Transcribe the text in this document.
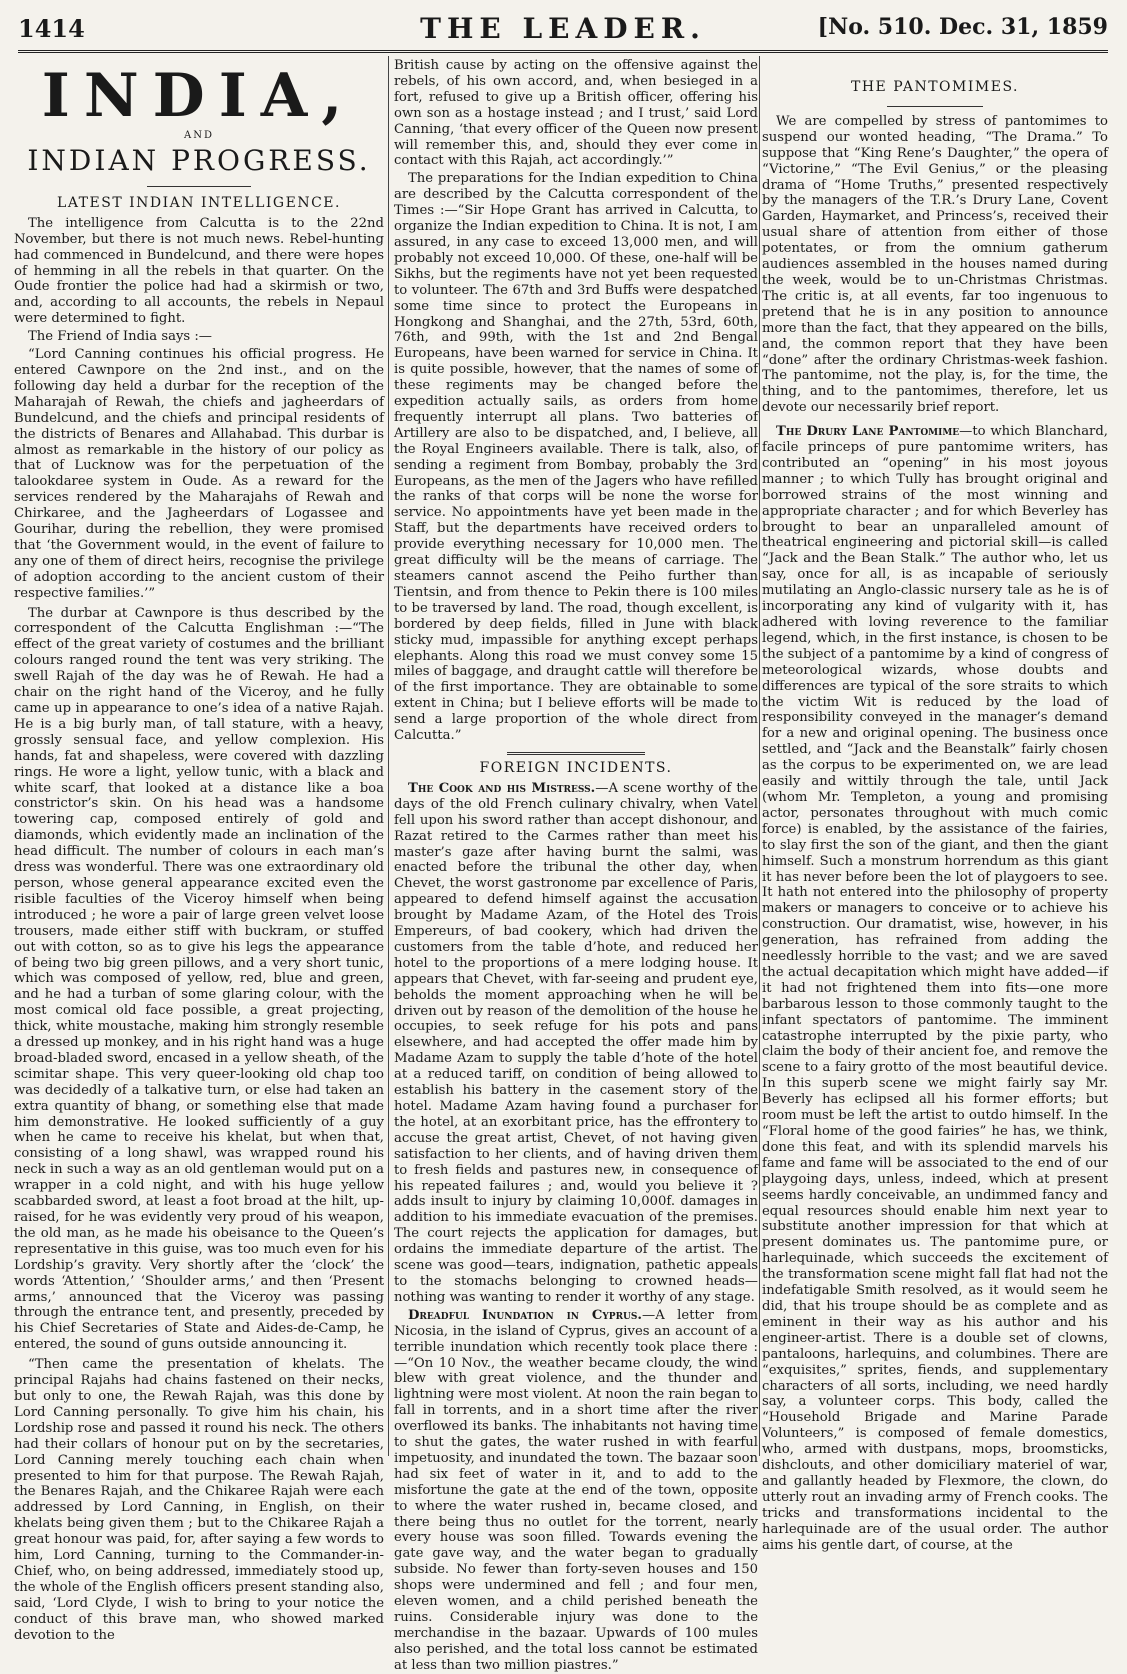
1414	THE LEADER.	[No. 510. Dec. 31, 1859
INDIA,
AND
INDIAN PROGRESS.
LATEST INDIAN INTELLIGENCE.

The intelligence from Calcutta is to the 22nd November, but there is not much news. Rebel-hunting had commenced in Bundelcund, and there were hopes of hemming in all the rebels in that quarter. On the Oude frontier the police had had a skirmish or two, and, according to all accounts, the rebels in Nepaul were determined to fight.

The Friend of India says :—

“Lord Canning continues his official progress. He entered Cawnpore on the 2nd inst., and on the following day held a durbar for the reception of the Maharajah of Rewah, the chiefs and jagheerdars of Bundelcund, and the chiefs and principal residents of the districts of Benares and Allahabad. This durbar is almost as remarkable in the history of our policy as that of Lucknow was for the perpetuation of the talookdaree system in Oude. As a reward for the services rendered by the Maharajahs of Rewah and Chirkaree, and the Jagheerdars of Logassee and Gourihar, during the rebellion, they were promised that ‘the Government would, in the event of failure to any one of them of direct heirs, recognise the privilege of adoption according to the ancient custom of their respective families.’”

The durbar at Cawnpore is thus described by the correspondent of the Calcutta Englishman :—“The effect of the great variety of costumes and the brilliant colours ranged round the tent was very striking. The swell Rajah of the day was he of Rewah. He had a chair on the right hand of the Viceroy, and he fully came up in appearance to one’s idea of a native Rajah. He is a big burly man, of tall stature, with a heavy, grossly sensual face, and yellow complexion. His hands, fat and shapeless, were covered with dazzling rings. He wore a light, yellow tunic, with a black and white scarf, that looked at a distance like a boa constrictor’s skin. On his head was a handsome towering cap, composed entirely of gold and diamonds, which evidently made an inclination of the head difficult. The number of colours in each man’s dress was wonderful. There was one extraordinary old person, whose general appearance excited even the risible faculties of the Viceroy himself when being introduced ; he wore a pair of large green velvet loose trousers, made either stiff with buckram, or stuffed out with cotton, so as to give his legs the appearance of being two big green pillows, and a very short tunic, which was composed of yellow, red, blue and green, and he had a turban of some glaring colour, with the most comical old face possible, a great projecting, thick, white moustache, making him strongly resemble a dressed up monkey, and in his right hand was a huge broad-bladed sword, encased in a yellow sheath, of the scimitar shape. This very queer-looking old chap too was decidedly of a talkative turn, or else had taken an extra quantity of bhang, or something else that made him demonstrative. He looked sufficiently of a guy when he came to receive his khelat, but when that, consisting of a long shawl, was wrapped round his neck in such a way as an old gentleman would put on a wrapper in a cold night, and with his huge yellow scabbarded sword, at least a foot broad at the hilt, up-raised, for he was evidently very proud of his weapon, the old man, as he made his obeisance to the Queen’s representative in this guise, was too much even for his Lordship’s gravity. Very shortly after the ‘clock’ the words ‘Attention,’ ‘Shoulder arms,’ and then ‘Present arms,’ announced that the Viceroy was passing through the entrance tent, and presently, preceded by his Chief Secretaries of State and Aides-de-Camp, he entered, the sound of guns outside announcing it.

“Then came the presentation of khelats. The principal Rajahs had chains fastened on their necks, but only to one, the Rewah Rajah, was this done by Lord Canning personally. To give him his chain, his Lordship rose and passed it round his neck. The others had their collars of honour put on by the secretaries, Lord Canning merely touching each chain when presented to him for that purpose. The Rewah Rajah, the Benares Rajah, and the Chikaree Rajah were each addressed by Lord Canning, in English, on their khelats being given them ; but to the Chikaree Rajah a great honour was paid, for, after saying a few words to him, Lord Canning, turning to the Commander-in-Chief, who, on being addressed, immediately stood up, the whole of the English officers present standing also, said, ‘Lord Clyde, I wish to bring to your notice the conduct of this brave man, who showed marked devotion to the

British cause by acting on the offensive against the rebels, of his own accord, and, when besieged in a fort, refused to give up a British officer, offering his own son as a hostage instead ; and I trust,’ said Lord Canning, ‘that every officer of the Queen now present will remember this, and, should they ever come in contact with this Rajah, act accordingly.’”

The preparations for the Indian expedition to China are described by the Calcutta correspondent of the Times :—“Sir Hope Grant has arrived in Calcutta, to organize the Indian expedition to China. It is not, I am assured, in any case to exceed 13,000 men, and will probably not exceed 10,000. Of these, one-half will be Sikhs, but the regiments have not yet been requested to volunteer. The 67th and 3rd Buffs were despatched some time since to protect the Europeans in Hongkong and Shanghai, and the 27th, 53rd, 60th, 76th, and 99th, with the 1st and 2nd Bengal Europeans, have been warned for service in China. It is quite possible, however, that the names of some of these regiments may be changed before the expedition actually sails, as orders from home frequently interrupt all plans. Two batteries of Artillery are also to be dispatched, and, I believe, all the Royal Engineers available. There is talk, also, of sending a regiment from Bombay, probably the 3rd Europeans, as the men of the Jagers who have refilled the ranks of that corps will be none the worse for service. No appointments have yet been made in the Staff, but the departments have received orders to provide everything necessary for 10,000 men. The great difficulty will be the means of carriage. The steamers cannot ascend the Peiho further than Tientsin, and from thence to Pekin there is 100 miles to be traversed by land. The road, though excellent, is bordered by deep fields, filled in June with black sticky mud, impassible for anything except perhaps elephants. Along this road we must convey some 15 miles of baggage, and draught cattle will therefore be of the first importance. They are obtainable to some extent in China; but I believe efforts will be made to send a large proportion of the whole direct from Calcutta.”

FOREIGN INCIDENTS.

The Cook and his Mistress.—A scene worthy of the days of the old French culinary chivalry, when Vatel fell upon his sword rather than accept dishonour, and Razat retired to the Carmes rather than meet his master’s gaze after having burnt the salmi, was enacted before the tribunal the other day, when Chevet, the worst gastronome par excellence of Paris, appeared to defend himself against the accusation brought by Madame Azam, of the Hotel des Trois Empereurs, of bad cookery, which had driven the customers from the table d’hote, and reduced her hotel to the proportions of a mere lodging house. It appears that Chevet, with far-seeing and prudent eye, beholds the moment approaching when he will be driven out by reason of the demolition of the house he occupies, to seek refuge for his pots and pans elsewhere, and had accepted the offer made him by Madame Azam to supply the table d’hote of the hotel at a reduced tariff, on condition of being allowed to establish his battery in the casement story of the hotel. Madame Azam having found a purchaser for the hotel, at an exorbitant price, has the effrontery to accuse the great artist, Chevet, of not having given satisfaction to her clients, and of having driven them to fresh fields and pastures new, in consequence of his repeated failures ; and, would you believe it ? adds insult to injury by claiming 10,000f. damages in addition to his immediate evacuation of the premises. The court rejects the application for damages, but ordains the immediate departure of the artist. The scene was good—tears, indignation, pathetic appeals to the stomachs belonging to crowned heads—nothing was wanting to render it worthy of any stage.

Dreadful Inundation in Cyprus.—A letter from Nicosia, in the island of Cyprus, gives an account of a terrible inundation which recently took place there :—“On 10 Nov., the weather became cloudy, the wind blew with great violence, and the thunder and lightning were most violent. At noon the rain began to fall in torrents, and in a short time after the river overflowed its banks. The inhabitants not having time to shut the gates, the water rushed in with fearful impetuosity, and inundated the town. The bazaar soon had six feet of water in it, and to add to the misfortune the gate at the end of the town, opposite to where the water rushed in, became closed, and there being thus no outlet for the torrent, nearly every house was soon filled. Towards evening the gate gave way, and the water began to gradually subside. No fewer than forty-seven houses and 150 shops were undermined and fell ; and four men, eleven women, and a child perished beneath the ruins. Considerable injury was done to the merchandise in the bazaar. Upwards of 100 mules also perished, and the total loss cannot be estimated at less than two million piastres.”

THE PANTOMIMES.

We are compelled by stress of pantomimes to suspend our wonted heading, “The Drama.” To suppose that “King Rene’s Daughter,” the opera of “Victorine,” “The Evil Genius,” or the pleasing drama of “Home Truths,” presented respectively by the managers of the T.R.’s Drury Lane, Covent Garden, Haymarket, and Princess’s, received their usual share of attention from either of those potentates, or from the omnium gatherum audiences assembled in the houses named during the week, would be to un-Christmas Christmas. The critic is, at all events, far too ingenuous to pretend that he is in any position to announce more than the fact, that they appeared on the bills, and, the common report that they have been “done” after the ordinary Christmas-week fashion. The pantomime, not the play, is, for the time, the thing, and to the pantomimes, therefore, let us devote our necessarily brief report.

The Drury Lane Pantomime—to which Blanchard, facile princeps of pure pantomime writers, has contributed an “opening” in his most joyous manner ; to which Tully has brought original and borrowed strains of the most winning and appropriate character ; and for which Beverley has brought to bear an unparalleled amount of theatrical engineering and pictorial skill—is called “Jack and the Bean Stalk.” The author who, let us say, once for all, is as incapable of seriously mutilating an Anglo-classic nursery tale as he is of incorporating any kind of vulgarity with it, has adhered with loving reverence to the familiar legend, which, in the first instance, is chosen to be the subject of a pantomime by a kind of congress of meteorological wizards, whose doubts and differences are typical of the sore straits to which the victim Wit is reduced by the load of responsibility conveyed in the manager’s demand for a new and original opening. The business once settled, and “Jack and the Beanstalk” fairly chosen as the corpus to be experimented on, we are lead easily and wittily through the tale, until Jack (whom Mr. Templeton, a young and promising actor, personates throughout with much comic force) is enabled, by the assistance of the fairies, to slay first the son of the giant, and then the giant himself. Such a monstrum horrendum as this giant it has never before been the lot of playgoers to see. It hath not entered into the philosophy of property makers or managers to conceive or to achieve his construction. Our dramatist, wise, however, in his generation, has refrained from adding the needlessly horrible to the vast; and we are saved the actual decapitation which might have added—if it had not frightened them into fits—one more barbarous lesson to those commonly taught to the infant spectators of pantomime. The imminent catastrophe interrupted by the pixie party, who claim the body of their ancient foe, and remove the scene to a fairy grotto of the most beautiful device. In this superb scene we might fairly say Mr. Beverly has eclipsed all his former efforts; but room must be left the artist to outdo himself. In the “Floral home of the good fairies” he has, we think, done this feat, and with its splendid marvels his fame and fame will be associated to the end of our playgoing days, unless, indeed, which at present seems hardly conceivable, an undimmed fancy and equal resources should enable him next year to substitute another impression for that which at present dominates us. The pantomime pure, or harlequinade, which succeeds the excitement of the transformation scene might fall flat had not the indefatigable Smith resolved, as it would seem he did, that his troupe should be as complete and as eminent in their way as his author and his engineer-artist. There is a double set of clowns, pantaloons, harlequins, and columbines. There are “exquisites,” sprites, fiends, and supplementary characters of all sorts, including, we need hardly say, a volunteer corps. This body, called the “Household Brigade and Marine Parade Volunteers,” is composed of female domestics, who, armed with dustpans, mops, broomsticks, dishclouts, and other domiciliary materiel of war, and gallantly headed by Flexmore, the clown, do utterly rout an invading army of French cooks. The tricks and transformations incidental to the harlequinade are of the usual order. The author aims his gentle dart, of course, at the
